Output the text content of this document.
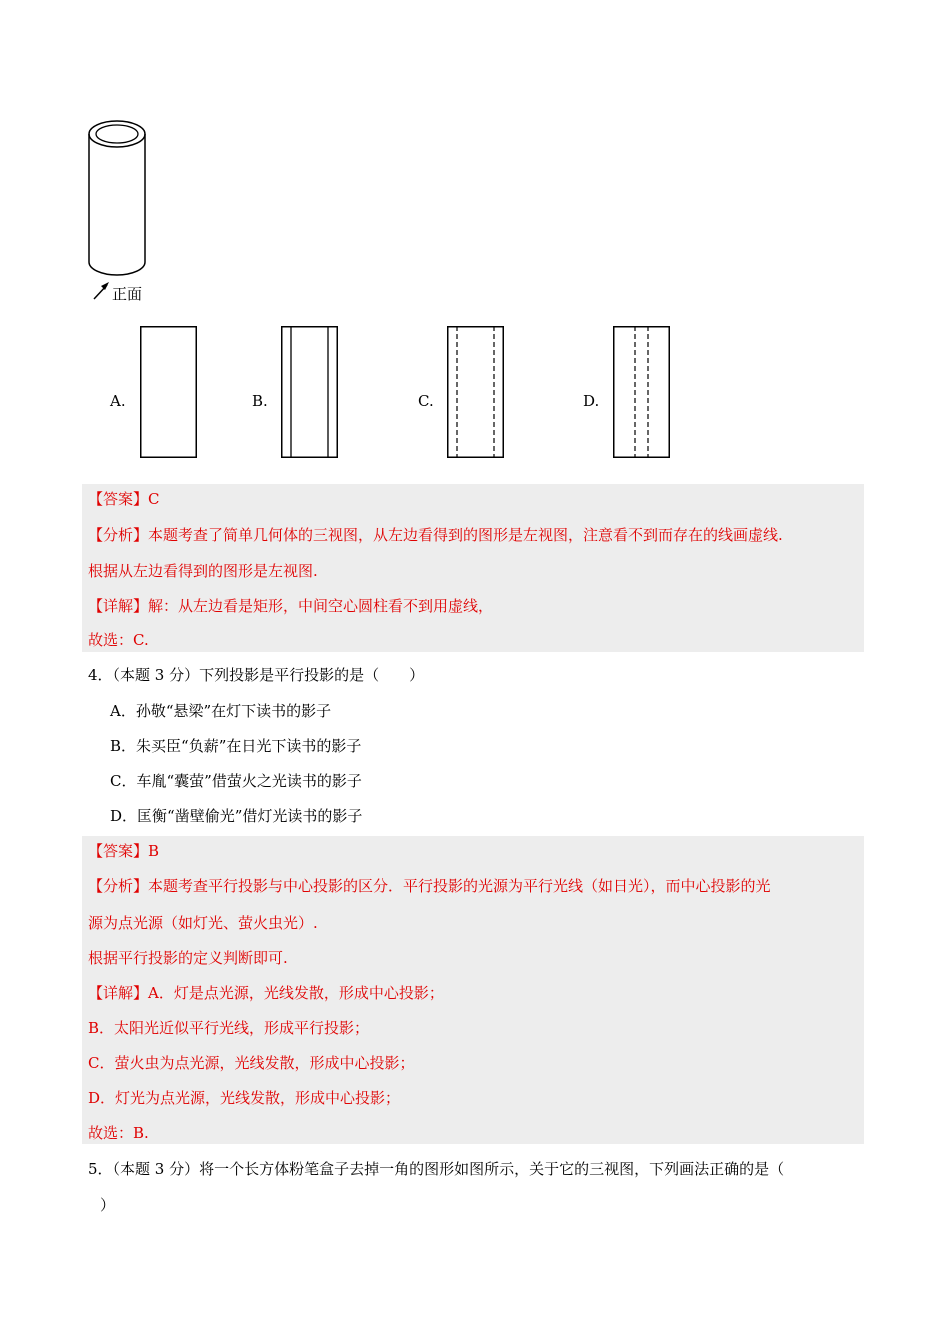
正面
A.	B.	C.	D.
【答案】C
【分析】本题考查了简单几何体的三视图，从左边看得到的图形是左视图，注意看不到而存在的线画虚线.
根据从左边看得到的图形是左视图.
【详解】解：从左边看是矩形，中间空心圆柱看不到用虚线，
故选：C.
4．（本题 3 分）下列投影是平行投影的是（　　）
A．孙敬“悬梁”在灯下读书的影子
B．朱买臣“负薪”在日光下读书的影子
C．车胤“囊萤”借萤火之光读书的影子
D．匡衡“凿壁偷光”借灯光读书的影子
【答案】B
【分析】本题考查平行投影与中心投影的区分．平行投影的光源为平行光线（如日光），而中心投影的光
源为点光源（如灯光、萤火虫光）.
根据平行投影的定义判断即可.
【详解】A．灯是点光源，光线发散，形成中心投影；
B．太阳光近似平行光线，形成平行投影；
C．萤火虫为点光源，光线发散，形成中心投影；
D．灯光为点光源，光线发散，形成中心投影；
故选：B.
5．（本题 3 分）将一个长方体粉笔盒子去掉一角的图形如图所示，关于它的三视图，下列画法正确的是（
）
